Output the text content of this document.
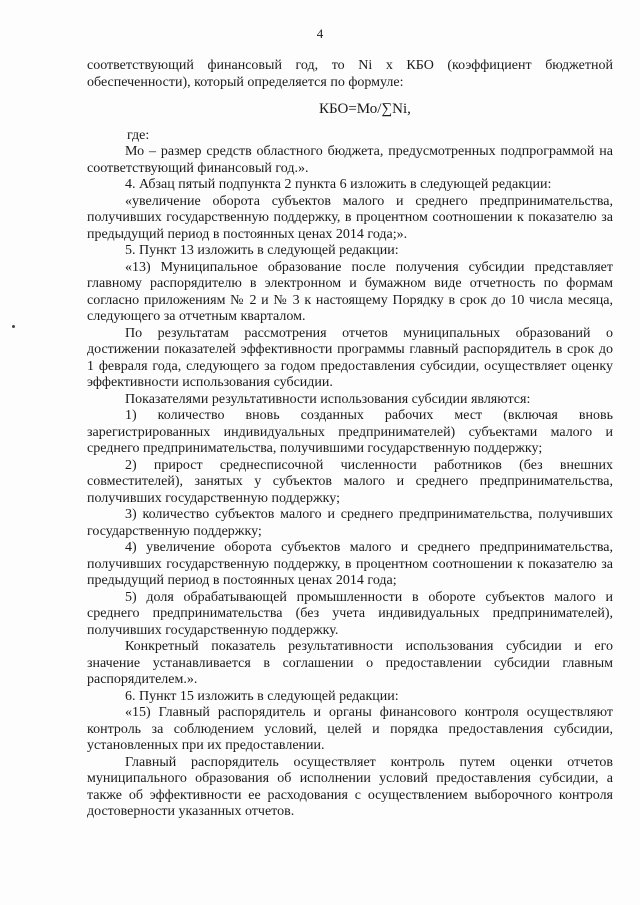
4

соответствующий финансовый год, то Ni х КБО (коэффициент бюджетной обеспеченности), который определяется по формуле:

КБО=Мо/∑Ni,
где:

Мо – размер средств областного бюджета, предусмотренных подпрограммой на соответствующий финансовый год.».

4. Абзац пятый подпункта 2 пункта 6 изложить в следующей редакции:

«увеличение оборота субъектов малого и среднего предпринимательства, получивших государственную поддержку, в процентном соотношении к показателю за предыдущий период в постоянных ценах 2014 года;».

5. Пункт 13 изложить в следующей редакции:

«13) Муниципальное образование после получения субсидии представляет главному распорядителю в электронном и бумажном виде отчетность по формам согласно приложениям № 2 и № 3 к настоящему Порядку в срок до 10 числа месяца, следующего за отчетным кварталом.

По результатам рассмотрения отчетов муниципальных образований о достижении показателей эффективности программы главный распорядитель в срок до 1 февраля года, следующего за годом предоставления субсидии, осуществляет оценку эффективности использования субсидии.

Показателями результативности использования субсидии являются:

1) количество вновь созданных рабочих мест (включая вновь зарегистрированных индивидуальных предпринимателей) субъектами малого и среднего предпринимательства, получившими государственную поддержку;

2) прирост среднесписочной численности работников (без внешних совместителей), занятых у субъектов малого и среднего предпринимательства, получивших государственную поддержку;

3) количество субъектов малого и среднего предпринимательства, получивших государственную поддержку;

4) увеличение оборота субъектов малого и среднего предпринимательства, получивших государственную поддержку, в процентном соотношении к показателю за предыдущий период в постоянных ценах 2014 года;

5) доля обрабатывающей промышленности в обороте субъектов малого и среднего предпринимательства (без учета индивидуальных предпринимателей), получивших государственную поддержку.

Конкретный показатель результативности использования субсидии и его значение устанавливается в соглашении о предоставлении субсидии главным распорядителем.».

6. Пункт 15 изложить в следующей редакции:

«15) Главный распорядитель и органы финансового контроля осуществляют контроль за соблюдением условий, целей и порядка предоставления субсидии, установленных при их предоставлении.

Главный распорядитель осуществляет контроль путем оценки отчетов муниципального образования об исполнении условий предоставления субсидии, а также об эффективности ее расходования с осуществлением выборочного контроля достоверности указанных отчетов.
